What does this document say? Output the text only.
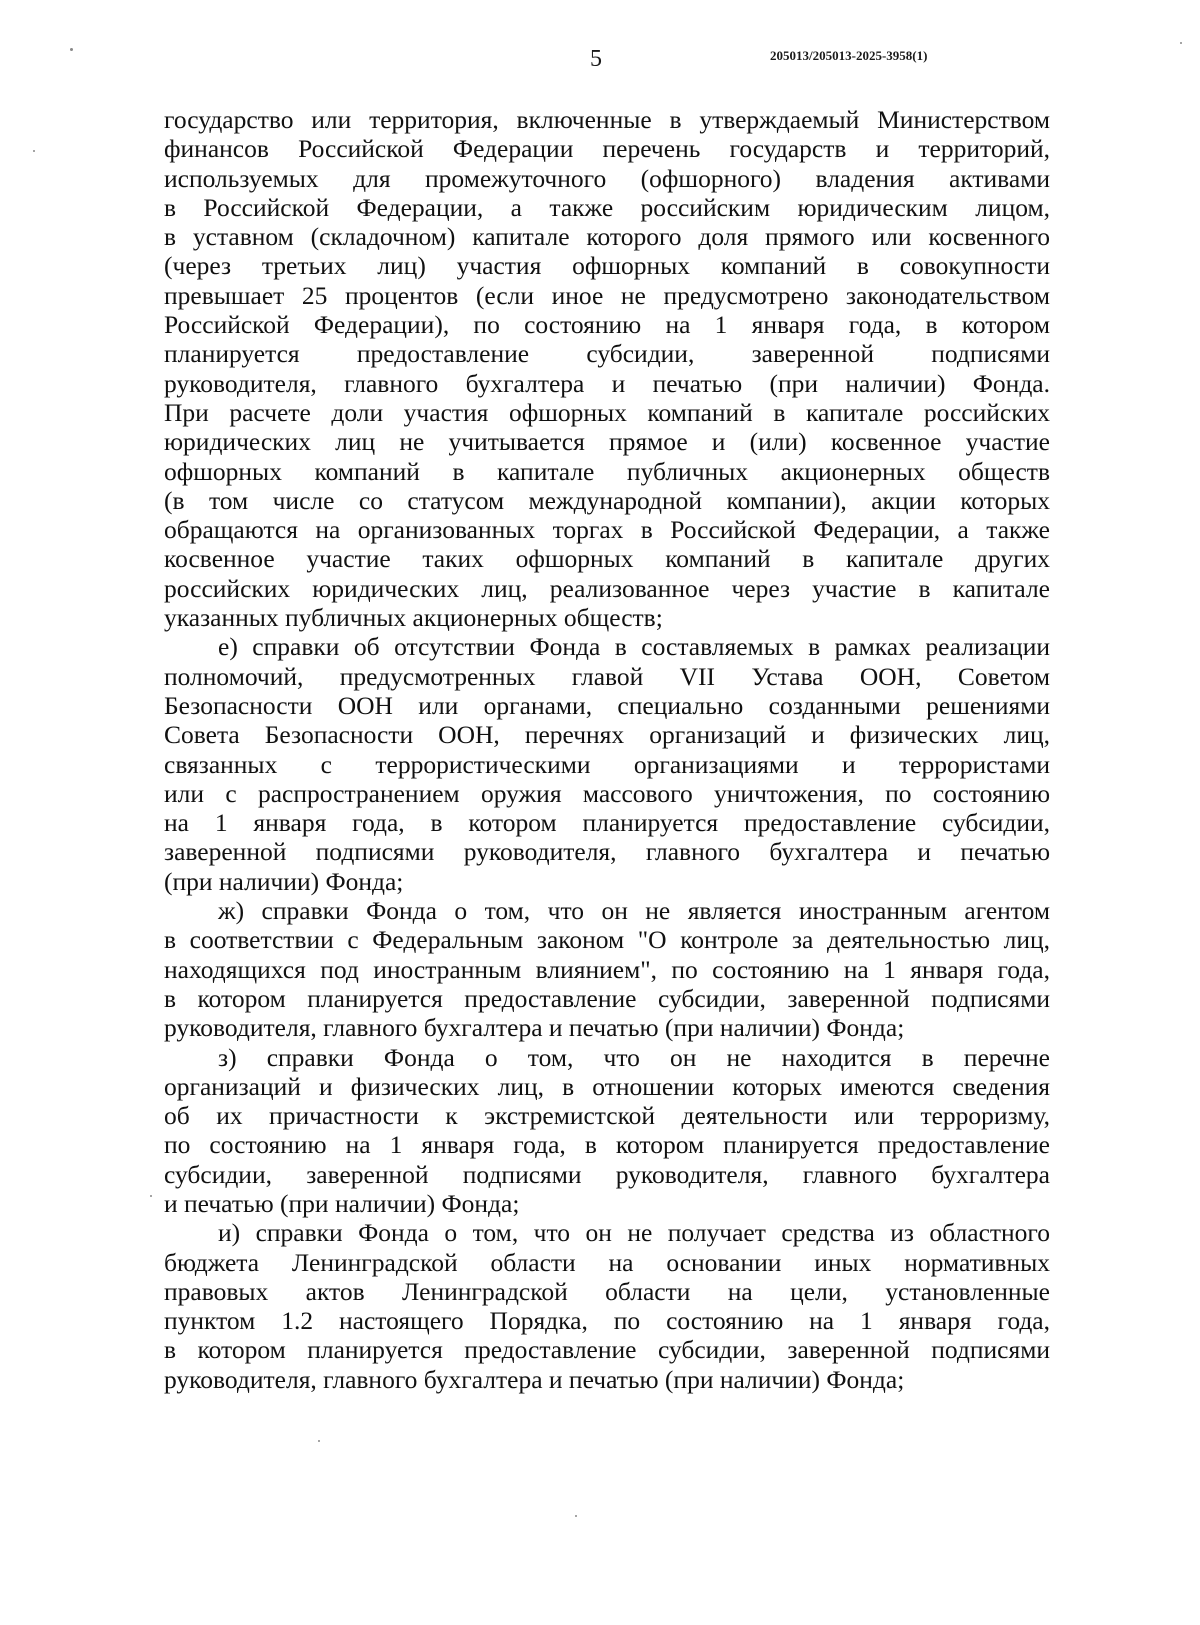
5	205013/205013-2025-3958(1)
государство или территория, включенные в утверждаемый Министерством
финансов Российской Федерации перечень государств и территорий,
используемых для промежуточного (офшорного) владения активами
в Российской Федерации, а также российским юридическим лицом,
в уставном (складочном) капитале которого доля прямого или косвенного
(через третьих лиц) участия офшорных компаний в совокупности
превышает 25 процентов (если иное не предусмотрено законодательством
Российской Федерации), по состоянию на 1 января года, в котором
планируется предоставление субсидии, заверенной подписями
руководителя, главного бухгалтера и печатью (при наличии) Фонда.
При расчете доли участия офшорных компаний в капитале российских
юридических лиц не учитывается прямое и (или) косвенное участие
офшорных компаний в капитале публичных акционерных обществ
(в том числе со статусом международной компании), акции которых
обращаются на организованных торгах в Российской Федерации, а также
косвенное участие таких офшорных компаний в капитале других
российских юридических лиц, реализованное через участие в капитале
указанных публичных акционерных обществ;
е) справки об отсутствии Фонда в составляемых в рамках реализации
полномочий, предусмотренных главой VII Устава ООН, Советом
Безопасности ООН или органами, специально созданными решениями
Совета Безопасности ООН, перечнях организаций и физических лиц,
связанных с террористическими организациями и террористами
или с распространением оружия массового уничтожения, по состоянию
на 1 января года, в котором планируется предоставление субсидии,
заверенной подписями руководителя, главного бухгалтера и печатью
(при наличии) Фонда;
ж) справки Фонда о том, что он не является иностранным агентом
в соответствии с Федеральным законом "О контроле за деятельностью лиц,
находящихся под иностранным влиянием", по состоянию на 1 января года,
в котором планируется предоставление субсидии, заверенной подписями
руководителя, главного бухгалтера и печатью (при наличии) Фонда;
з) справки Фонда о том, что он не находится в перечне
организаций и физических лиц, в отношении которых имеются сведения
об их причастности к экстремистской деятельности или терроризму,
по состоянию на 1 января года, в котором планируется предоставление
субсидии, заверенной подписями руководителя, главного бухгалтера
и печатью (при наличии) Фонда;
и) справки Фонда о том, что он не получает средства из областного
бюджета Ленинградской области на основании иных нормативных
правовых актов Ленинградской области на цели, установленные
пунктом 1.2 настоящего Порядка, по состоянию на 1 января года,
в котором планируется предоставление субсидии, заверенной подписями
руководителя, главного бухгалтера и печатью (при наличии) Фонда;
